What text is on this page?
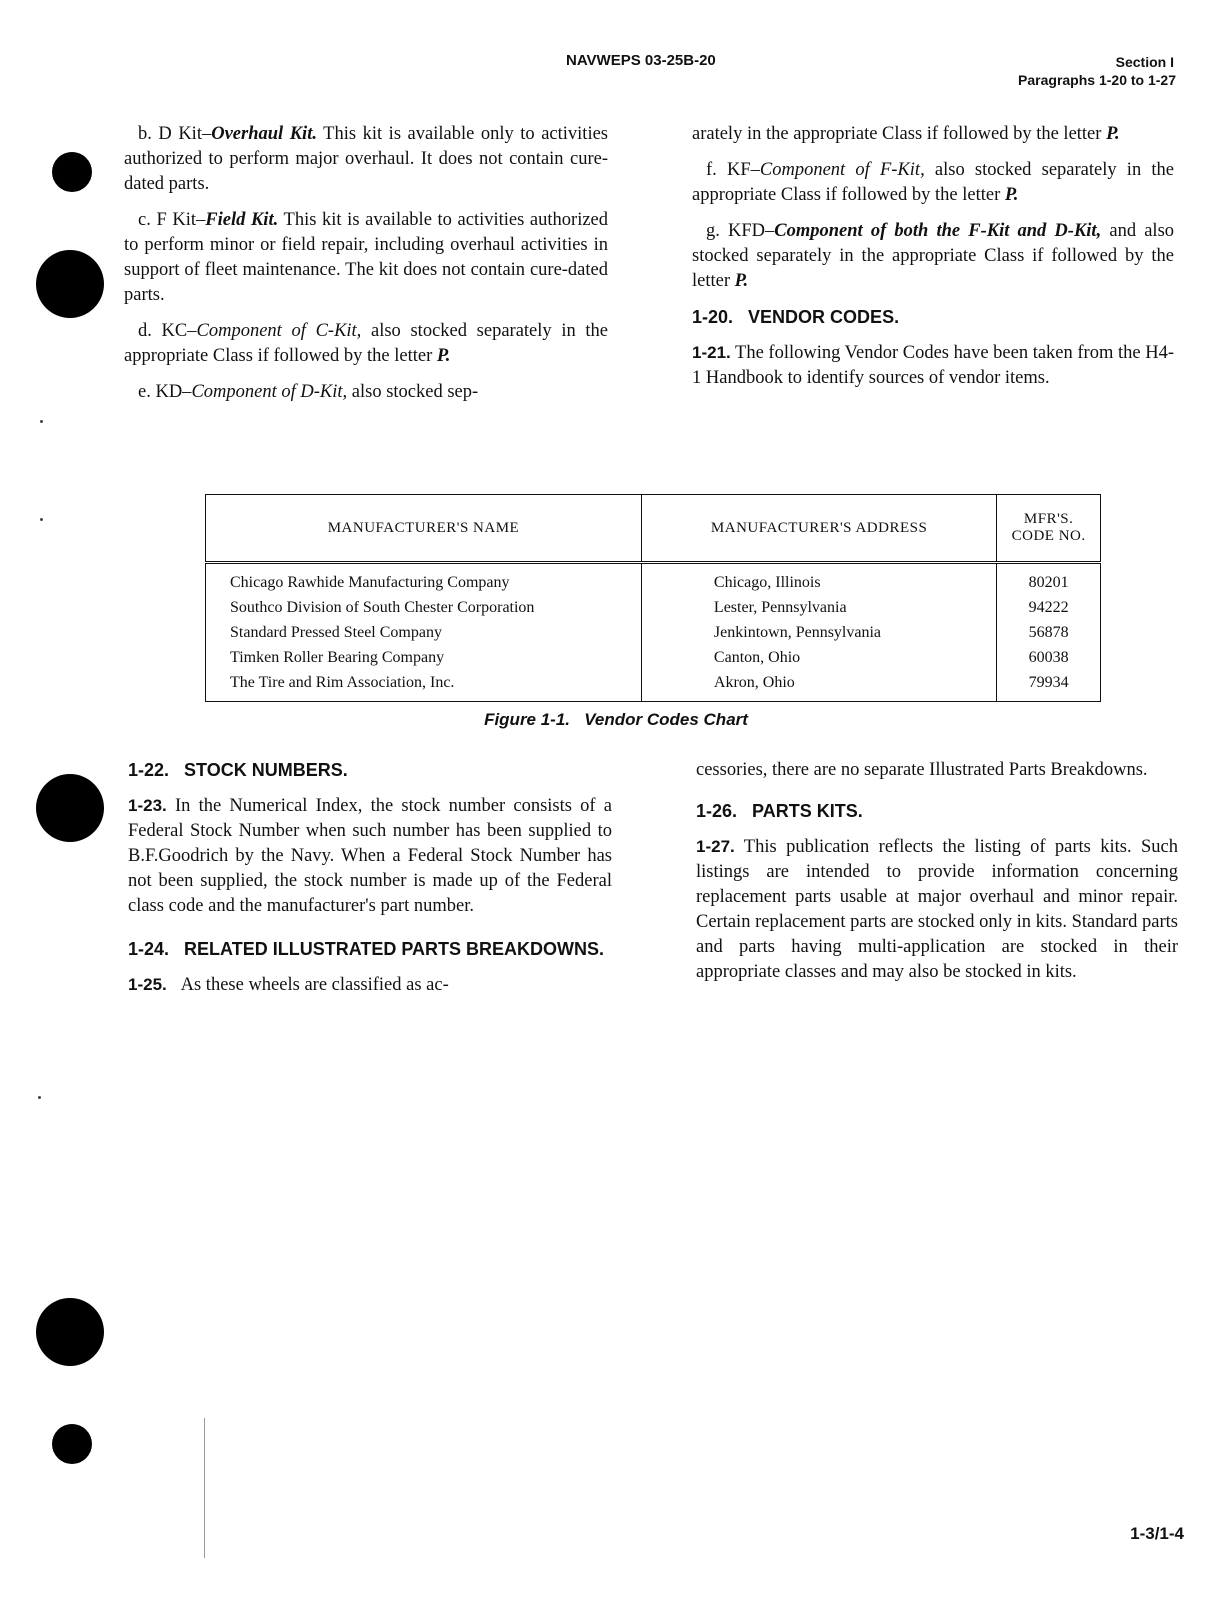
NAVWEPS 03-25B-20	Section I
Paragraphs 1-20 to 1-27

b. D Kit–Overhaul Kit. This kit is available only to activities authorized to perform major overhaul. It does not contain cure-dated parts.

c. F Kit–Field Kit. This kit is available to activities authorized to perform minor or field repair, including overhaul activities in support of fleet maintenance. The kit does not contain cure-dated parts.

d. KC–Component of C-Kit, also stocked separately in the appropriate Class if followed by the letter P.

e. KD–Component of D-Kit, also stocked sep-

arately in the appropriate Class if followed by the letter P.

f. KF–Component of F-Kit, also stocked separately in the appropriate Class if followed by the letter P.

g. KFD–Component of both the F-Kit and D-Kit, and also stocked separately in the appropriate Class if followed by the letter P.

1-20. VENDOR CODES.

1-21. The following Vendor Codes have been taken from the H4-1 Handbook to identify sources of vendor items.

MANUFACTURER'S NAME	MANUFACTURER'S ADDRESS	MFR'S. CODE NO.
Chicago Rawhide Manufacturing Company	Chicago, Illinois	80201
Southco Division of South Chester Corporation	Lester, Pennsylvania	94222
Standard Pressed Steel Company	Jenkintown, Pennsylvania	56878
Timken Roller Bearing Company	Canton, Ohio	60038
The Tire and Rim Association, Inc.	Akron, Ohio	79934
Figure 1-1.   Vendor Codes Chart
1-22. STOCK NUMBERS.

1-23. In the Numerical Index, the stock number consists of a Federal Stock Number when such number has been supplied to B.F.Goodrich by the Navy. When a Federal Stock Number has not been supplied, the stock number is made up of the Federal class code and the manufacturer's part number.

1-24. RELATED ILLUSTRATED PARTS BREAKDOWNS.

1-25. As these wheels are classified as ac-

cessories, there are no separate Illustrated Parts Breakdowns.

1-26. PARTS KITS.

1-27. This publication reflects the listing of parts kits. Such listings are intended to provide information concerning replacement parts usable at major overhaul and minor repair. Certain replacement parts are stocked only in kits. Standard parts and parts having multi-application are stocked in their appropriate classes and may also be stocked in kits.

1-3/1-4
